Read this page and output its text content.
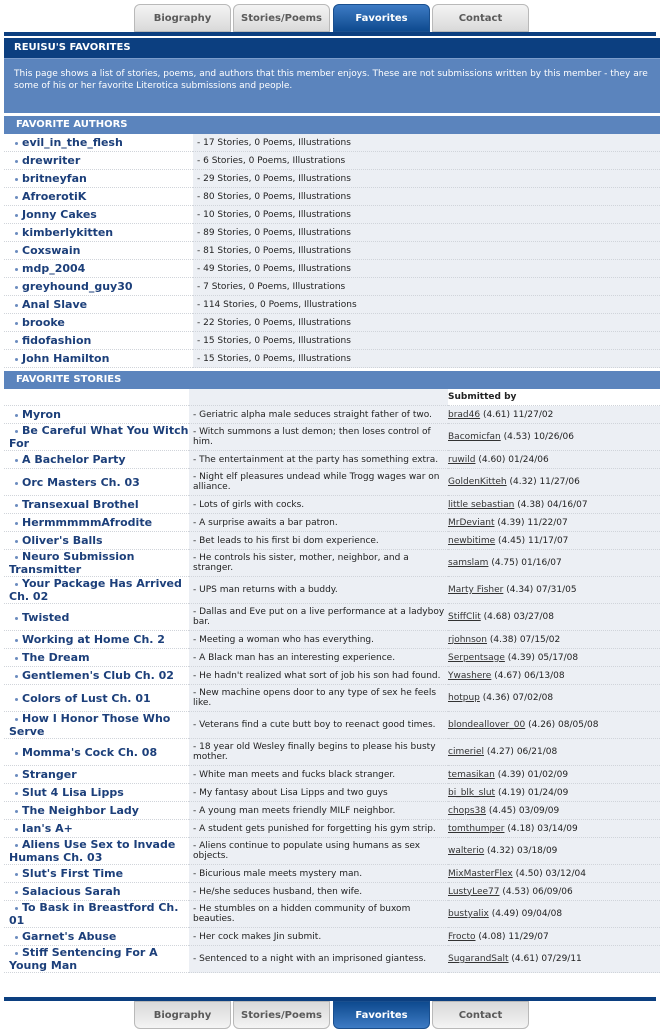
Biography	Stories/Poems	Favorites	Contact
REUISU'S FAVORITES
This page shows a list of stories, poems, and authors that this member enjoys. These are not submissions written by this member - they are some of his or her favorite Literotica submissions and people.
FAVORITE AUTHORS
evil_in_the_flesh	- 17 Stories, 0 Poems, Illustrations
drewriter	- 6 Stories, 0 Poems, Illustrations
britneyfan	- 29 Stories, 0 Poems, Illustrations
AfroerotiK	- 80 Stories, 0 Poems, Illustrations
Jonny Cakes	- 10 Stories, 0 Poems, Illustrations
kimberlykitten	- 89 Stories, 0 Poems, Illustrations
Coxswain	- 81 Stories, 0 Poems, Illustrations
mdp_2004	- 49 Stories, 0 Poems, Illustrations
greyhound_guy30	- 7 Stories, 0 Poems, Illustrations
Anal Slave	- 114 Stories, 0 Poems, Illustrations
brooke	- 22 Stories, 0 Poems, Illustrations
fidofashion	- 15 Stories, 0 Poems, Illustrations
John Hamilton	- 15 Stories, 0 Poems, Illustrations
FAVORITE STORIES
		Submitted by
Myron	- Geriatric alpha male seduces straight father of two.	brad46 (4.61) 11/27/02
Be Careful What You Witch For	- Witch summons a lust demon; then loses control of him.	Bacomicfan (4.53) 10/26/06
A Bachelor Party	- The entertainment at the party has something extra.	ruwild (4.60) 01/24/06
Orc Masters Ch. 03	- Night elf pleasures undead while Trogg wages war on alliance.	GoldenKitteh (4.32) 11/27/06
Transexual Brothel	- Lots of girls with cocks.	little sebastian (4.38) 04/16/07
HermmmmmAfrodite	- A surprise awaits a bar patron.	MrDeviant (4.39) 11/22/07
Oliver's Balls	- Bet leads to his first bi dom experience.	newbitime (4.45) 11/17/07
Neuro Submission Transmitter	- He controls his sister, mother, neighbor, and a stranger.	samslam (4.75) 01/16/07
Your Package Has Arrived Ch. 02	- UPS man returns with a buddy.	Marty Fisher (4.34) 07/31/05
Twisted	- Dallas and Eve put on a live performance at a ladyboy bar.	StiffClit (4.68) 03/27/08
Working at Home Ch. 2	- Meeting a woman who has everything.	rjohnson (4.38) 07/15/02
The Dream	- A Black man has an interesting experience.	Serpentsage (4.39) 05/17/08
Gentlemen's Club Ch. 02	- He hadn't realized what sort of job his son had found.	Ywashere (4.67) 06/13/08
Colors of Lust Ch. 01	- New machine opens door to any type of sex he feels like.	hotpup (4.36) 07/02/08
How I Honor Those Who Serve	- Veterans find a cute butt boy to reenact good times.	blondeallover_00 (4.26) 08/05/08
Momma's Cock Ch. 08	- 18 year old Wesley finally begins to please his busty mother.	cimeriel (4.27) 06/21/08
Stranger	- White man meets and fucks black stranger.	temasikan (4.39) 01/02/09
Slut 4 Lisa Lipps	- My fantasy about Lisa Lipps and two guys	bi_blk_slut (4.19) 01/24/09
The Neighbor Lady	- A young man meets friendly MILF neighbor.	chops38 (4.45) 03/09/09
Ian's A+	- A student gets punished for forgetting his gym strip.	tomthumper (4.18) 03/14/09
Aliens Use Sex to Invade Humans Ch. 03	- Aliens continue to populate using humans as sex objects.	walterio (4.32) 03/18/09
Slut's First Time	- Bicurious male meets mystery man.	MixMasterFlex (4.50) 03/12/04
Salacious Sarah	- He/she seduces husband, then wife.	LustyLee77 (4.53) 06/09/06
To Bask in Breastford Ch. 01	- He stumbles on a hidden community of buxom beauties.	bustyalix (4.49) 09/04/08
Garnet's Abuse	- Her cock makes Jin submit.	Frocto (4.08) 11/29/07
Stiff Sentencing For A Young Man	- Sentenced to a night with an imprisoned giantess.	SugarandSalt (4.61) 07/29/11
Biography	Stories/Poems	Favorites	Contact
